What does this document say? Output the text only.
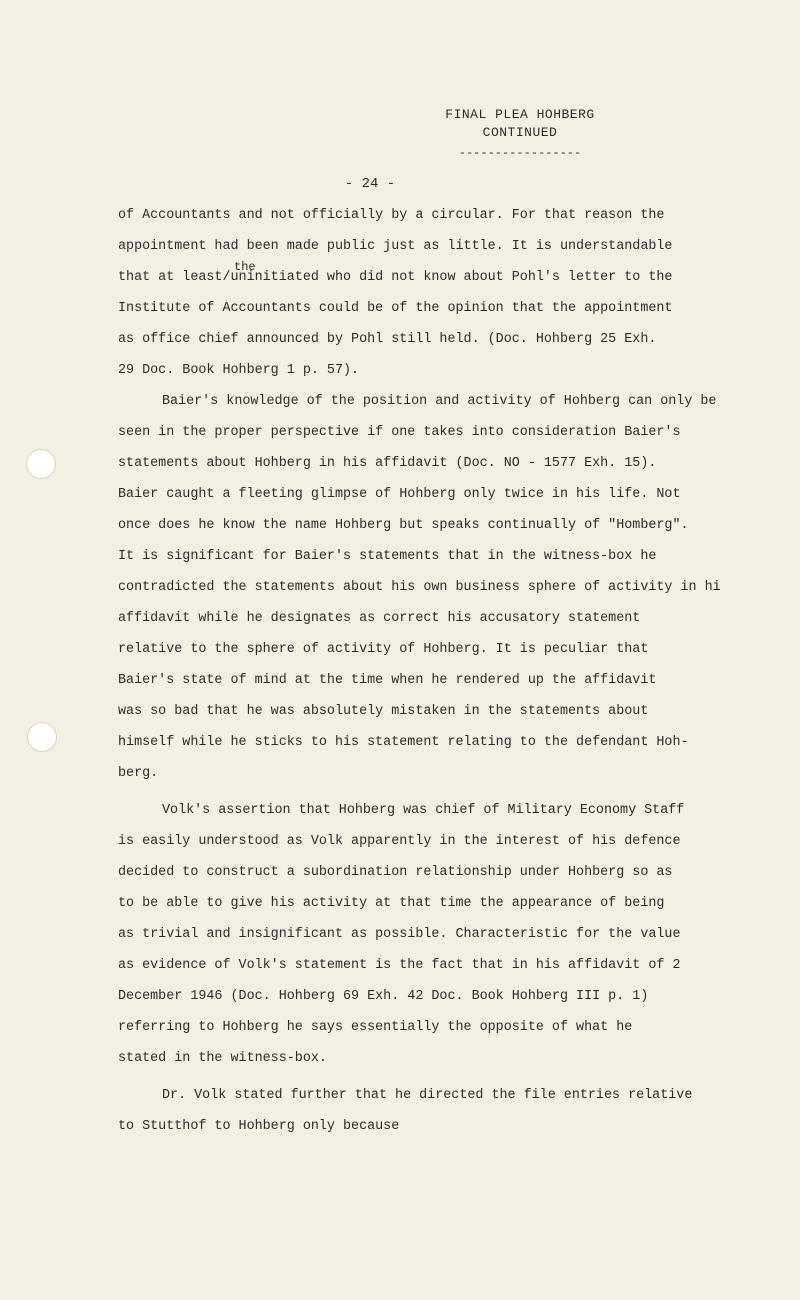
FINAL PLEA HOHBERG
CONTINUED
-----------------
- 24 -
of Accountants and not officially by a circular. For that reason the
appointment had been made public just as little. It is understandable
that at least/uninitiated who did not know about Pohl's letter to the
Institute of Accountants could be of the opinion that the appointment
as office chief announced by Pohl still held. (Doc. Hohberg 25 Exh.
29 Doc. Book Hohberg 1 p. 57).
the
Baier's knowledge of the position and activity of Hohberg can only be
seen in the proper perspective if one takes into consideration Baier's
statements about Hohberg in his affidavit (Doc. NO - 1577 Exh. 15).
Baier caught a fleeting glimpse of Hohberg only twice in his life. Not
once does he know the name Hohberg but speaks continually of "Homberg".
It is significant for Baier's statements that in the witness-box he
contradicted the statements about his own business sphere of activity in hi
affidavit while he designates as correct his accusatory statement
relative to the sphere of activity of Hohberg. It is peculiar that
Baier's state of mind at the time when he rendered up the affidavit
was so bad that he was absolutely mistaken in the statements about
himself while he sticks to his statement relating to the defendant Hoh-
berg.
Volk's assertion that Hohberg was chief of Military Economy Staff
is easily understood as Volk apparently in the interest of his defence
decided to construct a subordination relationship under Hohberg so as
to be able to give his activity at that time the appearance of being
as trivial and insignificant as possible. Characteristic for the value
as evidence of Volk's statement is the fact that in his affidavit of 2
December 1946 (Doc. Hohberg 69 Exh. 42 Doc. Book Hohberg III p. 1)
referring to Hohberg he says essentially the opposite of what he
stated in the witness-box.
Dr. Volk stated further that he directed the file entries relative
to Stutthof to Hohberg only because
